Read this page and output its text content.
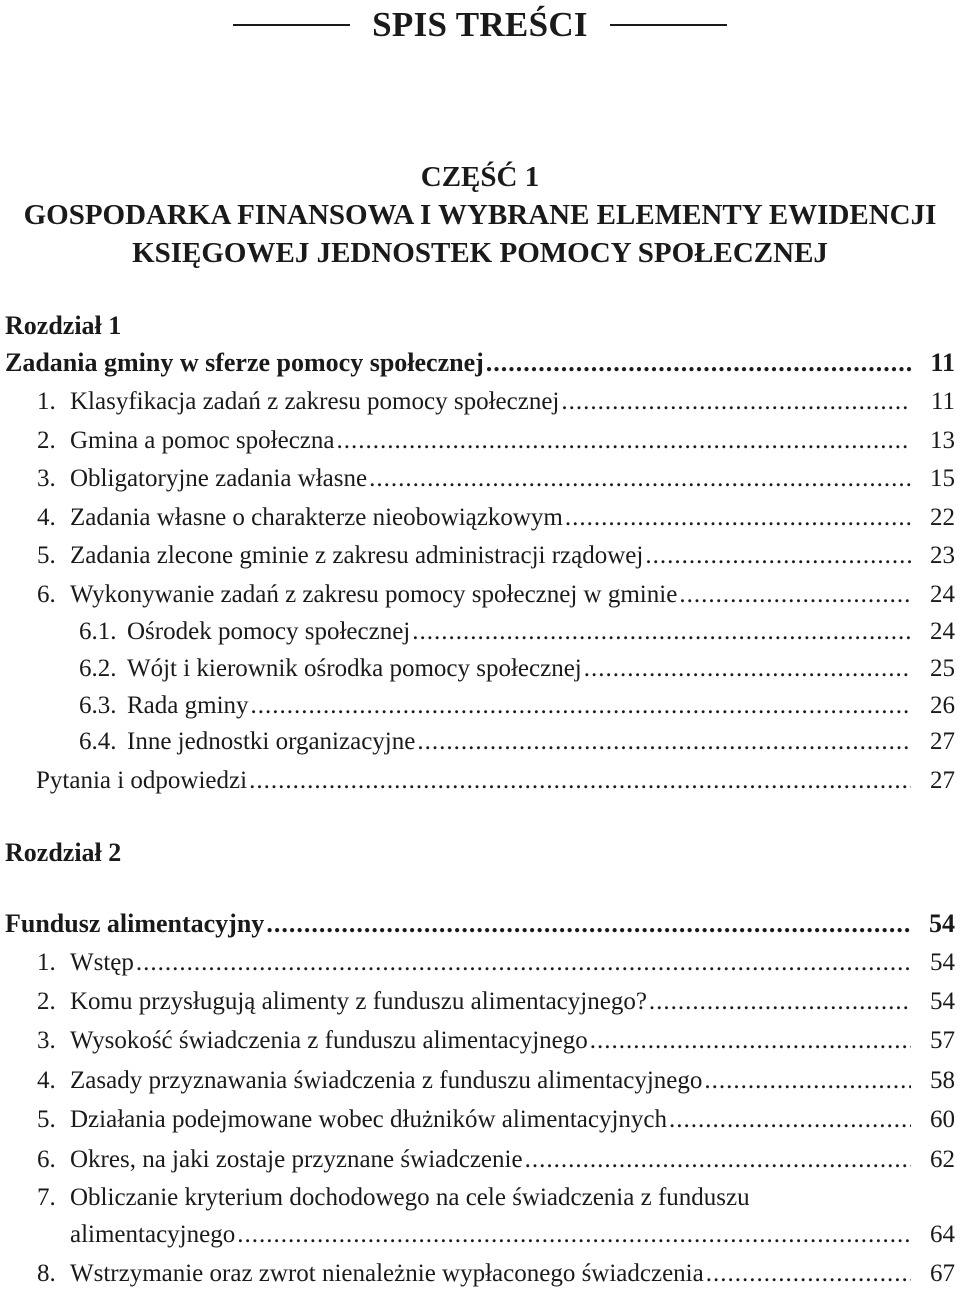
SPIS TREŚCI
CZĘŚĆ 1
GOSPODARKA FINANSOWA I WYBRANE ELEMENTY EWIDENCJI
KSIĘGOWEJ JEDNOSTEK POMOCY SPOŁECZNEJ
Rozdział 1
Zadania gminy w sferze pomocy społecznej .....	11
1. Klasyfikacja zadań z zakresu pomocy społecznej .....	11
2. Gmina a pomoc społeczna .....	13
3. Obligatoryjne zadania własne .....	15
4. Zadania własne o charakterze nieobowiązkowym .....	22
5. Zadania zlecone gminie z zakresu administracji rządowej .....	23
6. Wykonywanie zadań z zakresu pomocy społecznej w gminie .....	24
6.1. Ośrodek pomocy społecznej .....	24
6.2. Wójt i kierownik ośrodka pomocy społecznej .....	25
6.3. Rada gminy .....	26
6.4. Inne jednostki organizacyjne .....	27
Pytania i odpowiedzi .....	27
Rozdział 2
Fundusz alimentacyjny .....	54
1. Wstęp .....	54
2. Komu przysługują alimenty z funduszu alimentacyjnego? .....	54
3. Wysokość świadczenia z funduszu alimentacyjnego .....	57
4. Zasady przyznawania świadczenia z funduszu alimentacyjnego .....	58
5. Działania podejmowane wobec dłużników alimentacyjnych .....	60
6. Okres, na jaki zostaje przyznane świadczenie .....	62
7. Obliczanie kryterium dochodowego na cele świadczenia z funduszu
alimentacyjnego .....	64
8. Wstrzymanie oraz zwrot nienależnie wypłaconego świadczenia .....	67
